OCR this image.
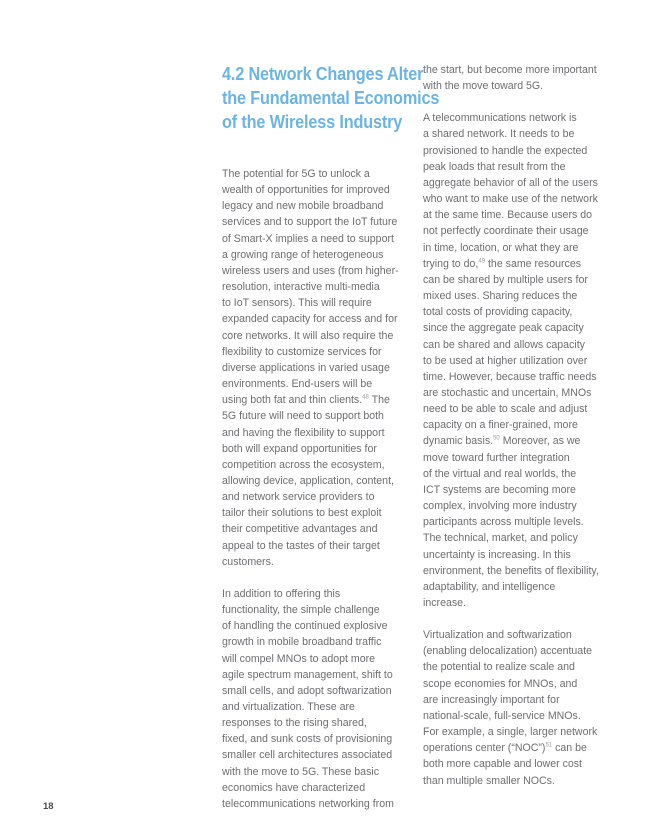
4.2 Network Changes Alter
the Fundamental Economics
of the Wireless Industry

The potential for 5G to unlock a
wealth of opportunities for improved
legacy and new mobile broadband
services and to support the IoT future
of Smart-X implies a need to support
a growing range of heterogeneous
wireless users and uses (from higher-
resolution, interactive multi-media
to IoT sensors). This will require
expanded capacity for access and for
core networks. It will also require the
flexibility to customize services for
diverse applications in varied usage
environments. End-users will be
using both fat and thin clients.$^{48}$ The
5G future will need to support both
and having the flexibility to support
both will expand opportunities for
competition across the ecosystem,
allowing device, application, content,
and network service providers to
tailor their solutions to best exploit
their competitive advantages and
appeal to the tastes of their target
customers.

In addition to offering this
functionality, the simple challenge
of handling the continued explosive
growth in mobile broadband traffic
will compel MNOs to adopt more
agile spectrum management, shift to
small cells, and adopt softwarization
and virtualization. These are
responses to the rising shared,
fixed, and sunk costs of provisioning
smaller cell architectures associated
with the move to 5G. These basic
economics have characterized
telecommunications networking from

the start, but become more important
with the move toward 5G.

A telecommunications network is
a shared network. It needs to be
provisioned to handle the expected
peak loads that result from the
aggregate behavior of all of the users
who want to make use of the network
at the same time. Because users do
not perfectly coordinate their usage
in time, location, or what they are
trying to do,$^{49}$ the same resources
can be shared by multiple users for
mixed uses. Sharing reduces the
total costs of providing capacity,
since the aggregate peak capacity
can be shared and allows capacity
to be used at higher utilization over
time. However, because traffic needs
are stochastic and uncertain, MNOs
need to be able to scale and adjust
capacity on a finer-grained, more
dynamic basis.$^{50}$ Moreover, as we
move toward further integration
of the virtual and real worlds, the
ICT systems are becoming more
complex, involving more industry
participants across multiple levels.
The technical, market, and policy
uncertainty is increasing. In this
environment, the benefits of flexibility,
adaptability, and intelligence
increase.

Virtualization and softwarization
(enabling delocalization) accentuate
the potential to realize scale and
scope economies for MNOs, and
are increasingly important for
national-scale, full-service MNOs.
For example, a single, larger network
operations center (“NOC”)$^{51}$ can be
both more capable and lower cost
than multiple smaller NOCs.

18
